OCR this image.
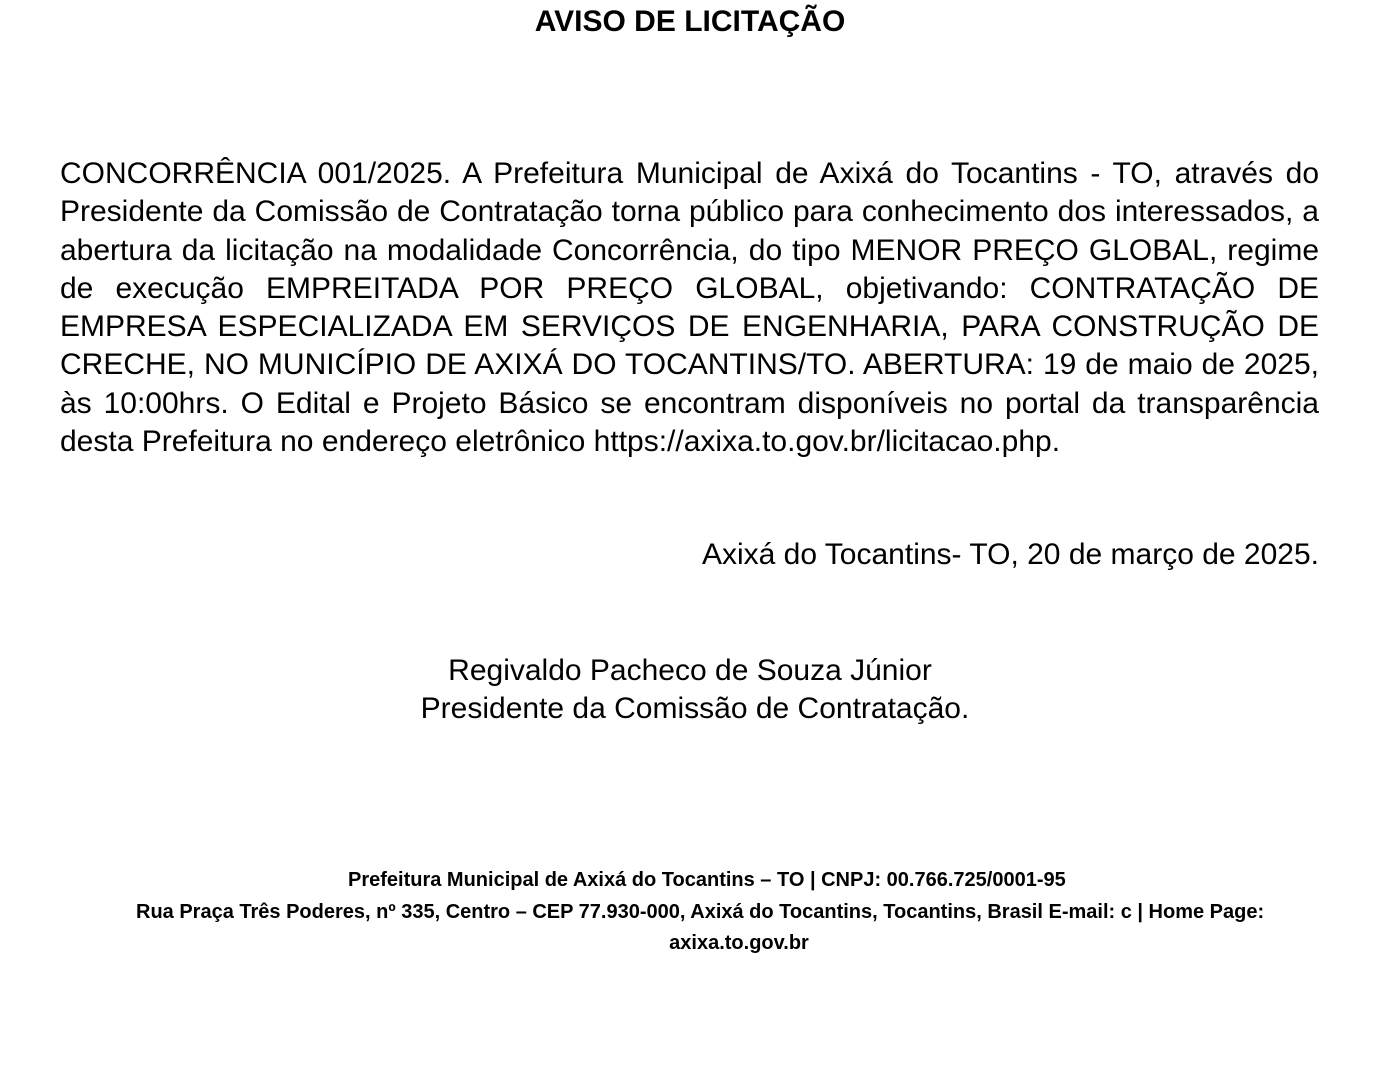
AVISO DE LICITAÇÃO
CONCORRÊNCIA 001/2025. A Prefeitura Municipal de Axixá do Tocantins - TO, através do Presidente da Comissão de Contratação torna público para conhecimento dos interessados, a abertura da licitação na modalidade Concorrência, do tipo MENOR PREÇO GLOBAL, regime de execução EMPREITADA POR PREÇO GLOBAL, objetivando: CONTRATAÇÃO DE EMPRESA ESPECIALIZADA EM SERVIÇOS DE ENGENHARIA, PARA CONSTRUÇÃO DE CRECHE, NO MUNICÍPIO DE AXIXÁ DO TOCANTINS/TO. ABERTURA: 19 de maio de 2025, às 10:00hrs. O Edital e Projeto Básico se encontram disponíveis no portal da transparência desta Prefeitura no endereço eletrônico https://axixa.to.gov.br/licitacao.php.
Axixá do Tocantins- TO, 20 de março de 2025.
Regivaldo Pacheco de Souza Júnior
Presidente da Comissão de Contratação.
Prefeitura Municipal de Axixá do Tocantins – TO | CNPJ: 00.766.725/0001-95
Rua Praça Três Poderes, nº 335, Centro – CEP 77.930-000, Axixá do Tocantins, Tocantins, Brasil E-mail: c | Home Page:
axixa.to.gov.br
